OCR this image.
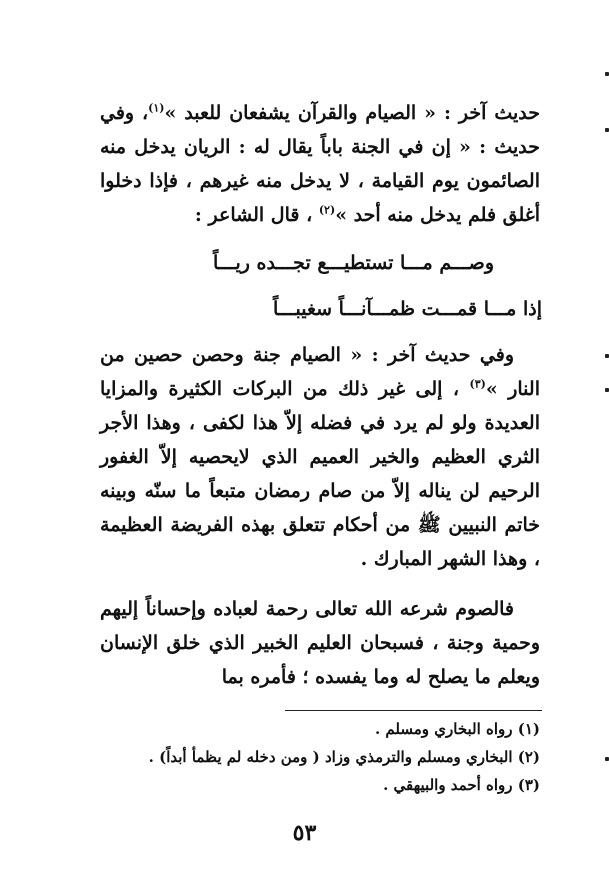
حديث آخر : « الصيام والقرآن يشفعان للعبد »$^{(١)}$، وفي حديث : « إن في الجنة باباً يقال له : الريان يدخل منه الصائمون يوم القيامة ، لا يدخل منه غيرهم ، فإذا دخلوا أغلق فلم يدخل منه أحد »$^{(٢)}$ ، قال الشاعر :
وصـــم مـــا تستطيـــع تجـــده ريـــاً
إذا مـــا قمـــت ظمـــآنـــاً سغيبـــاً
وفي حديث آخر : « الصيام جنة وحصن حصين من النار »$^{(٣)}$ ، إلى غير ذلك من البركات الكثيرة والمزايا العديدة ولو لم يرد في فضله إلاّ هذا لكفى ، وهذا الأجر الثري العظيم والخير العميم الذي لايحصيه إلاّ الغفور الرحيم لن يناله إلاّ من صام رمضان متبعاً ما سنّه وبينه خاتم النبيين ﷺ من أحكام تتعلق بهذه الفريضة العظيمة ، وهذا الشهر المبارك .
فالصوم شرعه الله تعالى رحمة لعباده وإحساناً إليهم وحمية وجنة ، فسبحان العليم الخبير الذي خلق الإنسان ويعلم ما يصلح له وما يفسده ؛ فأمره بما
(١) رواه البخاري ومسلم .
(٢) البخاري ومسلم والترمذي وزاد ( ومن دخله لم يظمأ أبداً) .
(٣) رواه أحمد والبيهقي .
٥٣
